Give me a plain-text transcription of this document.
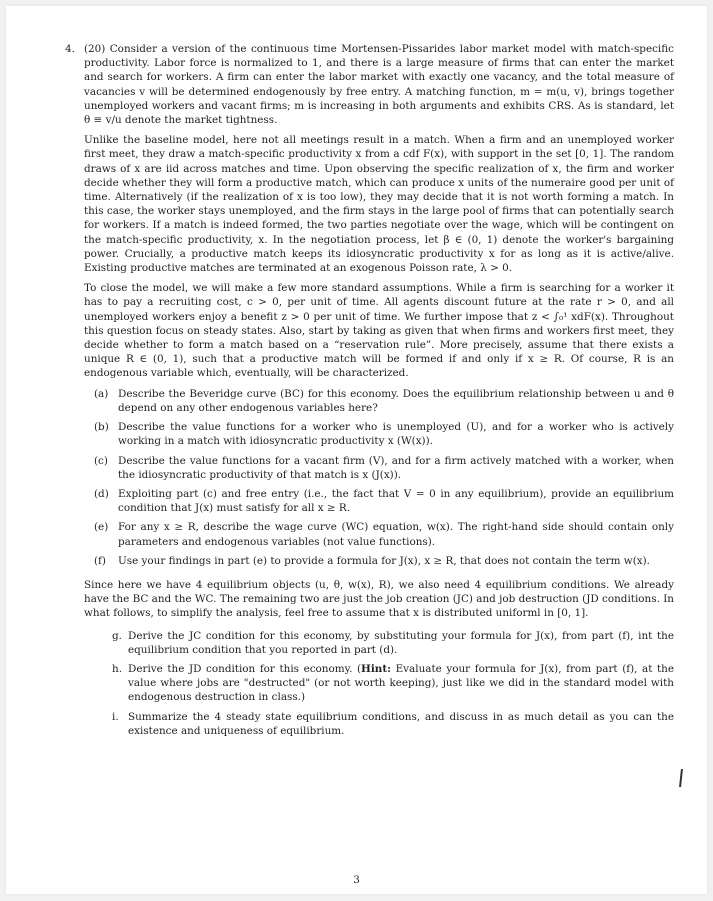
4. (20) Consider a version of the continuous time Mortensen-Pissarides labor market model with match-specific productivity. Labor force is normalized to 1, and there is a large measure of firms that can enter the market and search for workers. A firm can enter the labor market with exactly one vacancy, and the total measure of vacancies v will be determined endogenously by free entry. A matching function, m = m(u, v), brings together unemployed workers and vacant firms; m is increasing in both arguments and exhibits CRS. As is standard, let θ ≡ v/u denote the market tightness.

Unlike the baseline model, here not all meetings result in a match. When a firm and an unemployed worker first meet, they draw a match-specific productivity x from a cdf F(x), with support in the set [0, 1]. The random draws of x are iid across matches and time. Upon observing the specific realization of x, the firm and worker decide whether they will form a productive match, which can produce x units of the numeraire good per unit of time. Alternatively (if the realization of x is too low), they may decide that it is not worth forming a match. In this case, the worker stays unemployed, and the firm stays in the large pool of firms that can potentially search for workers. If a match is indeed formed, the two parties negotiate over the wage, which will be contingent on the match-specific productivity, x. In the negotiation process, let β ∈ (0, 1) denote the worker's bargaining power. Crucially, a productive match keeps its idiosyncratic productivity x for as long as it is active/alive. Existing productive matches are terminated at an exogenous Poisson rate, λ > 0.

To close the model, we will make a few more standard assumptions. While a firm is searching for a worker it has to pay a recruiting cost, c > 0, per unit of time. All agents discount future at the rate r > 0, and all unemployed workers enjoy a benefit z > 0 per unit of time. We further impose that z < ∫₀¹ xdF(x). Throughout this question focus on steady states. Also, start by taking as given that when firms and workers first meet, they decide whether to form a match based on a “reservation rule”. More precisely, assume that there exists a unique R ∈ (0, 1), such that a productive match will be formed if and only if x ≥ R. Of course, R is an endogenous variable which, eventually, will be characterized.

(a) Describe the Beveridge curve (BC) for this economy. Does the equilibrium relationship between u and θ depend on any other endogenous variables here?
(b) Describe the value functions for a worker who is unemployed (U), and for a worker who is actively working in a match with idiosyncratic productivity x (W(x)).
(c) Describe the value functions for a vacant firm (V), and for a firm actively matched with a worker, when the idiosyncratic productivity of that match is x (J(x)).
(d) Exploiting part (c) and free entry (i.e., the fact that V = 0 in any equilibrium), provide an equilibrium condition that J(x) must satisfy for all x ≥ R.
(e) For any x ≥ R, describe the wage curve (WC) equation, w(x). The right-hand side should contain only parameters and endogenous variables (not value functions).
(f) Use your findings in part (e) to provide a formula for J(x), x ≥ R, that does not contain the term w(x).

Since here we have 4 equilibrium objects (u, θ, w(x), R), we also need 4 equilibrium conditions. We already have the BC and the WC. The remaining two are just the job creation (JC) and job destruction (JD conditions. In what follows, to simplify the analysis, feel free to assume that x is distributed uniforml in [0, 1].

g. Derive the JC condition for this economy, by substituting your formula for J(x), from part (f), int the equilibrium condition that you reported in part (d).
h. Derive the JD condition for this economy. (Hint: Evaluate your formula for J(x), from part (f), at the value where jobs are "destructed" (or not worth keeping), just like we did in the standard model with endogenous destruction in class.)
i. Summarize the 4 steady state equilibrium conditions, and discuss in as much detail as you can the existence and uniqueness of equilibrium.
3
